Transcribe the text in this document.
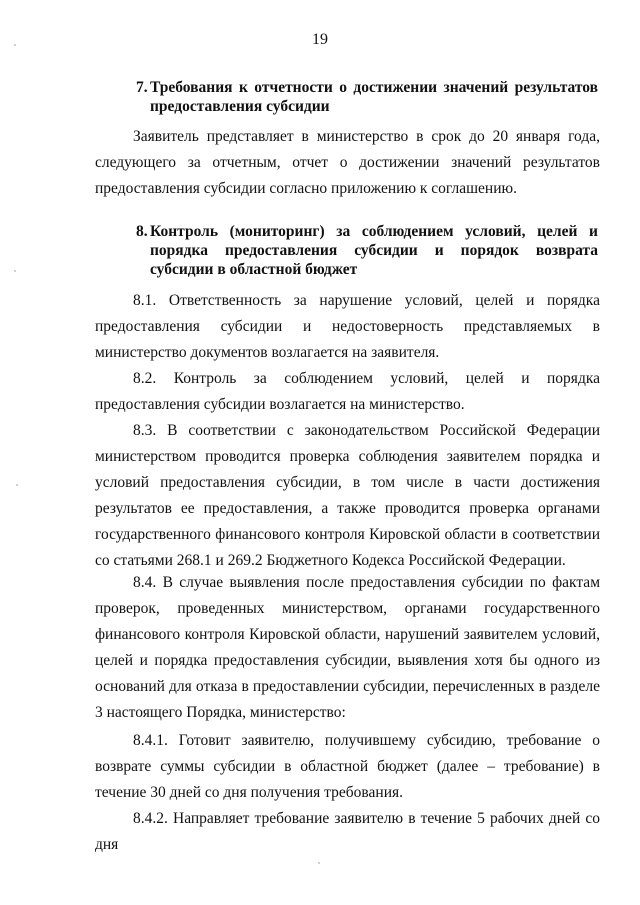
19
7. Требования к отчетности о достижении значений результатов предоставления субсидии
Заявитель представляет в министерство в срок до 20 января года, следующего за отчетным, отчет о достижении значений результатов предоставления субсидии согласно приложению к соглашению.
8. Контроль (мониторинг) за соблюдением условий, целей и порядка предоставления субсидии и порядок возврата субсидии в областной бюджет
8.1. Ответственность за нарушение условий, целей и порядка предоставления субсидии и недостоверность представляемых в министерство документов возлагается на заявителя.
8.2. Контроль за соблюдением условий, целей и порядка предоставления субсидии возлагается на министерство.
8.3. В соответствии с законодательством Российской Федерации министерством проводится проверка соблюдения заявителем порядка и условий предоставления субсидии, в том числе в части достижения результатов ее предоставления, а также проводится проверка органами государственного финансового контроля Кировской области в соответствии со статьями 268.1 и 269.2 Бюджетного Кодекса Российской Федерации.
8.4. В случае выявления после предоставления субсидии по фактам проверок, проведенных министерством, органами государственного финансового контроля Кировской области, нарушений заявителем условий, целей и порядка предоставления субсидии, выявления хотя бы одного из оснований для отказа в предоставлении субсидии, перечисленных в разделе 3 настоящего Порядка, министерство:
8.4.1. Готовит заявителю, получившему субсидию, требование о возврате суммы субсидии в областной бюджет (далее – требование) в течение 30 дней со дня получения требования.
8.4.2. Направляет требование заявителю в течение 5 рабочих дней со дня
